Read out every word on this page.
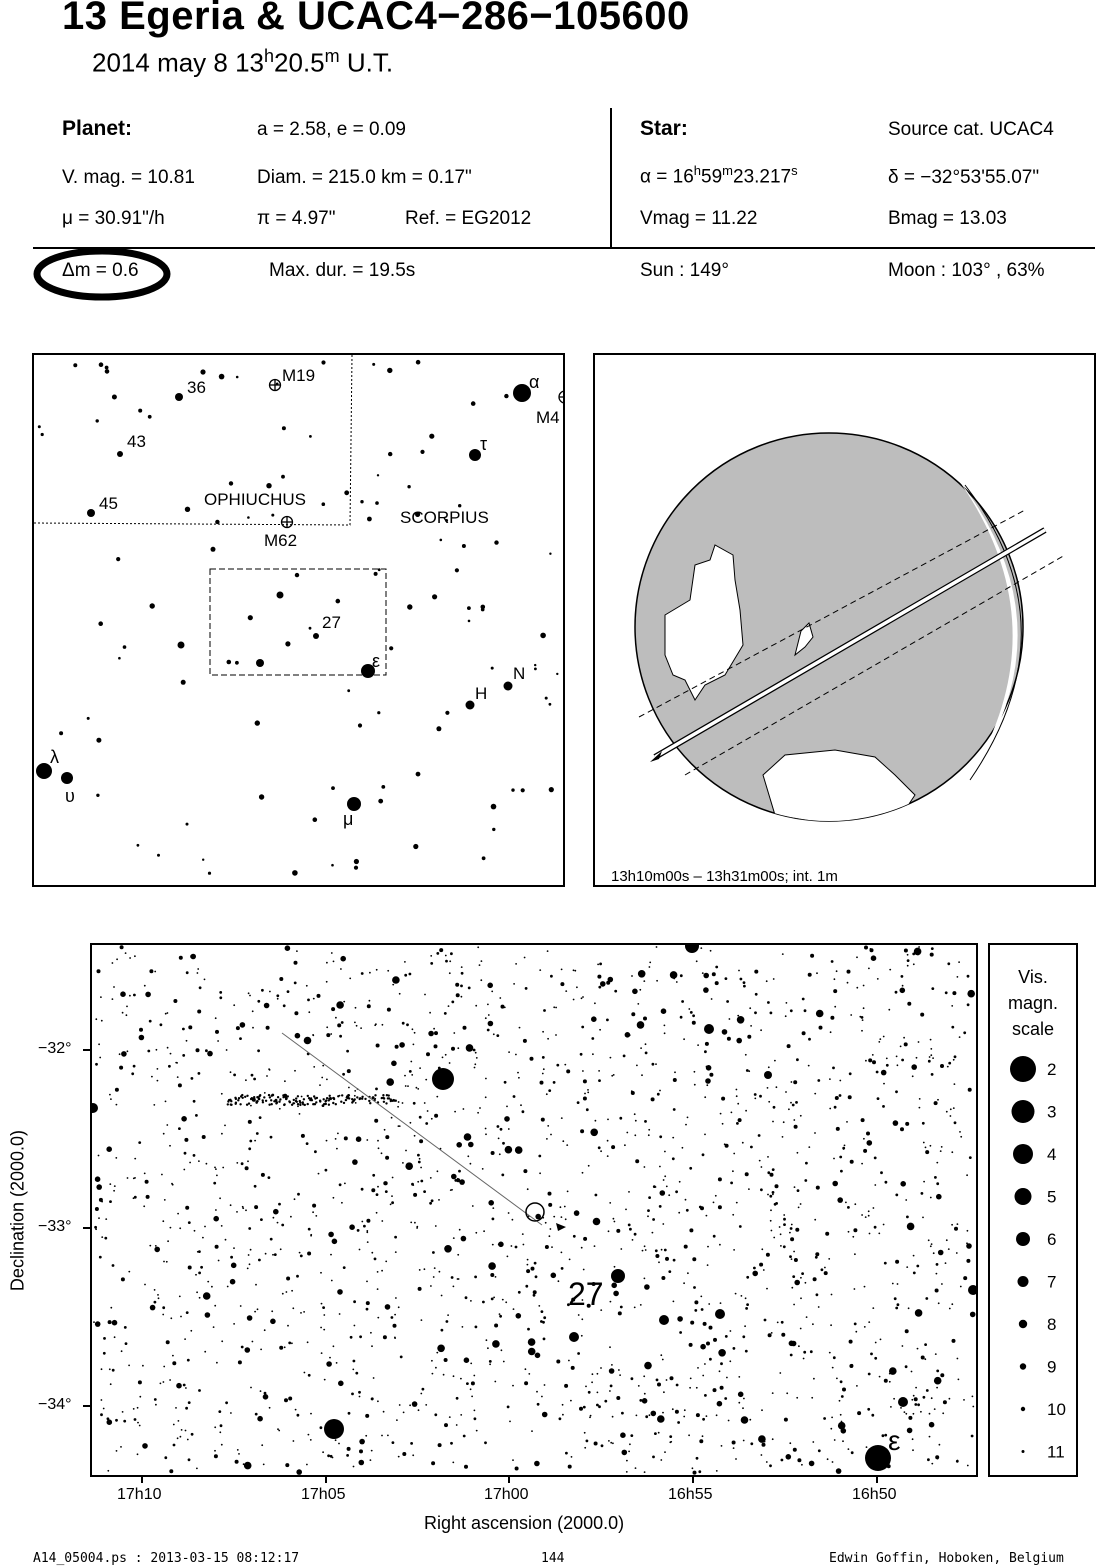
13 Egeria & UCAC4−286−105600
2014 may 8 13$^h$20.5$^m$ U.T.
Planet:	a = 2.58, e = 0.09
V. mag. = 10.81	Diam. = 215.0 km = 0.17"
μ = 30.91"/h	π = 4.97"	Ref. = EG2012
Star:	Source cat. UCAC4
$\alpha = 16^h59^m23.217^s$	δ = −32°53'55.07"
Vmag = 11.22	Bmag = 13.03
Δm = 0.6	Max. dur. = 19.5s	Sun : 149°	Moon : 103° , 63%
OPHIUCHUS
SCORPIUS
M19
M4
M62
36
43
45
27
α
τ
ε
H
N
λ
υ
μ
13h10m00s – 13h31m00s; int. 1m
27
ε
−32°
−33°
−34°
17h10	17h05	17h00	16h55	16h50
Right ascension (2000.0)
Declination (2000.0)
Vis.
magn.
scale
2
3
4
5
6
7
8
9
10
11
A14_05004.ps : 2013-03-15 08:12:17	144	Edwin Goffin, Hoboken, Belgium
